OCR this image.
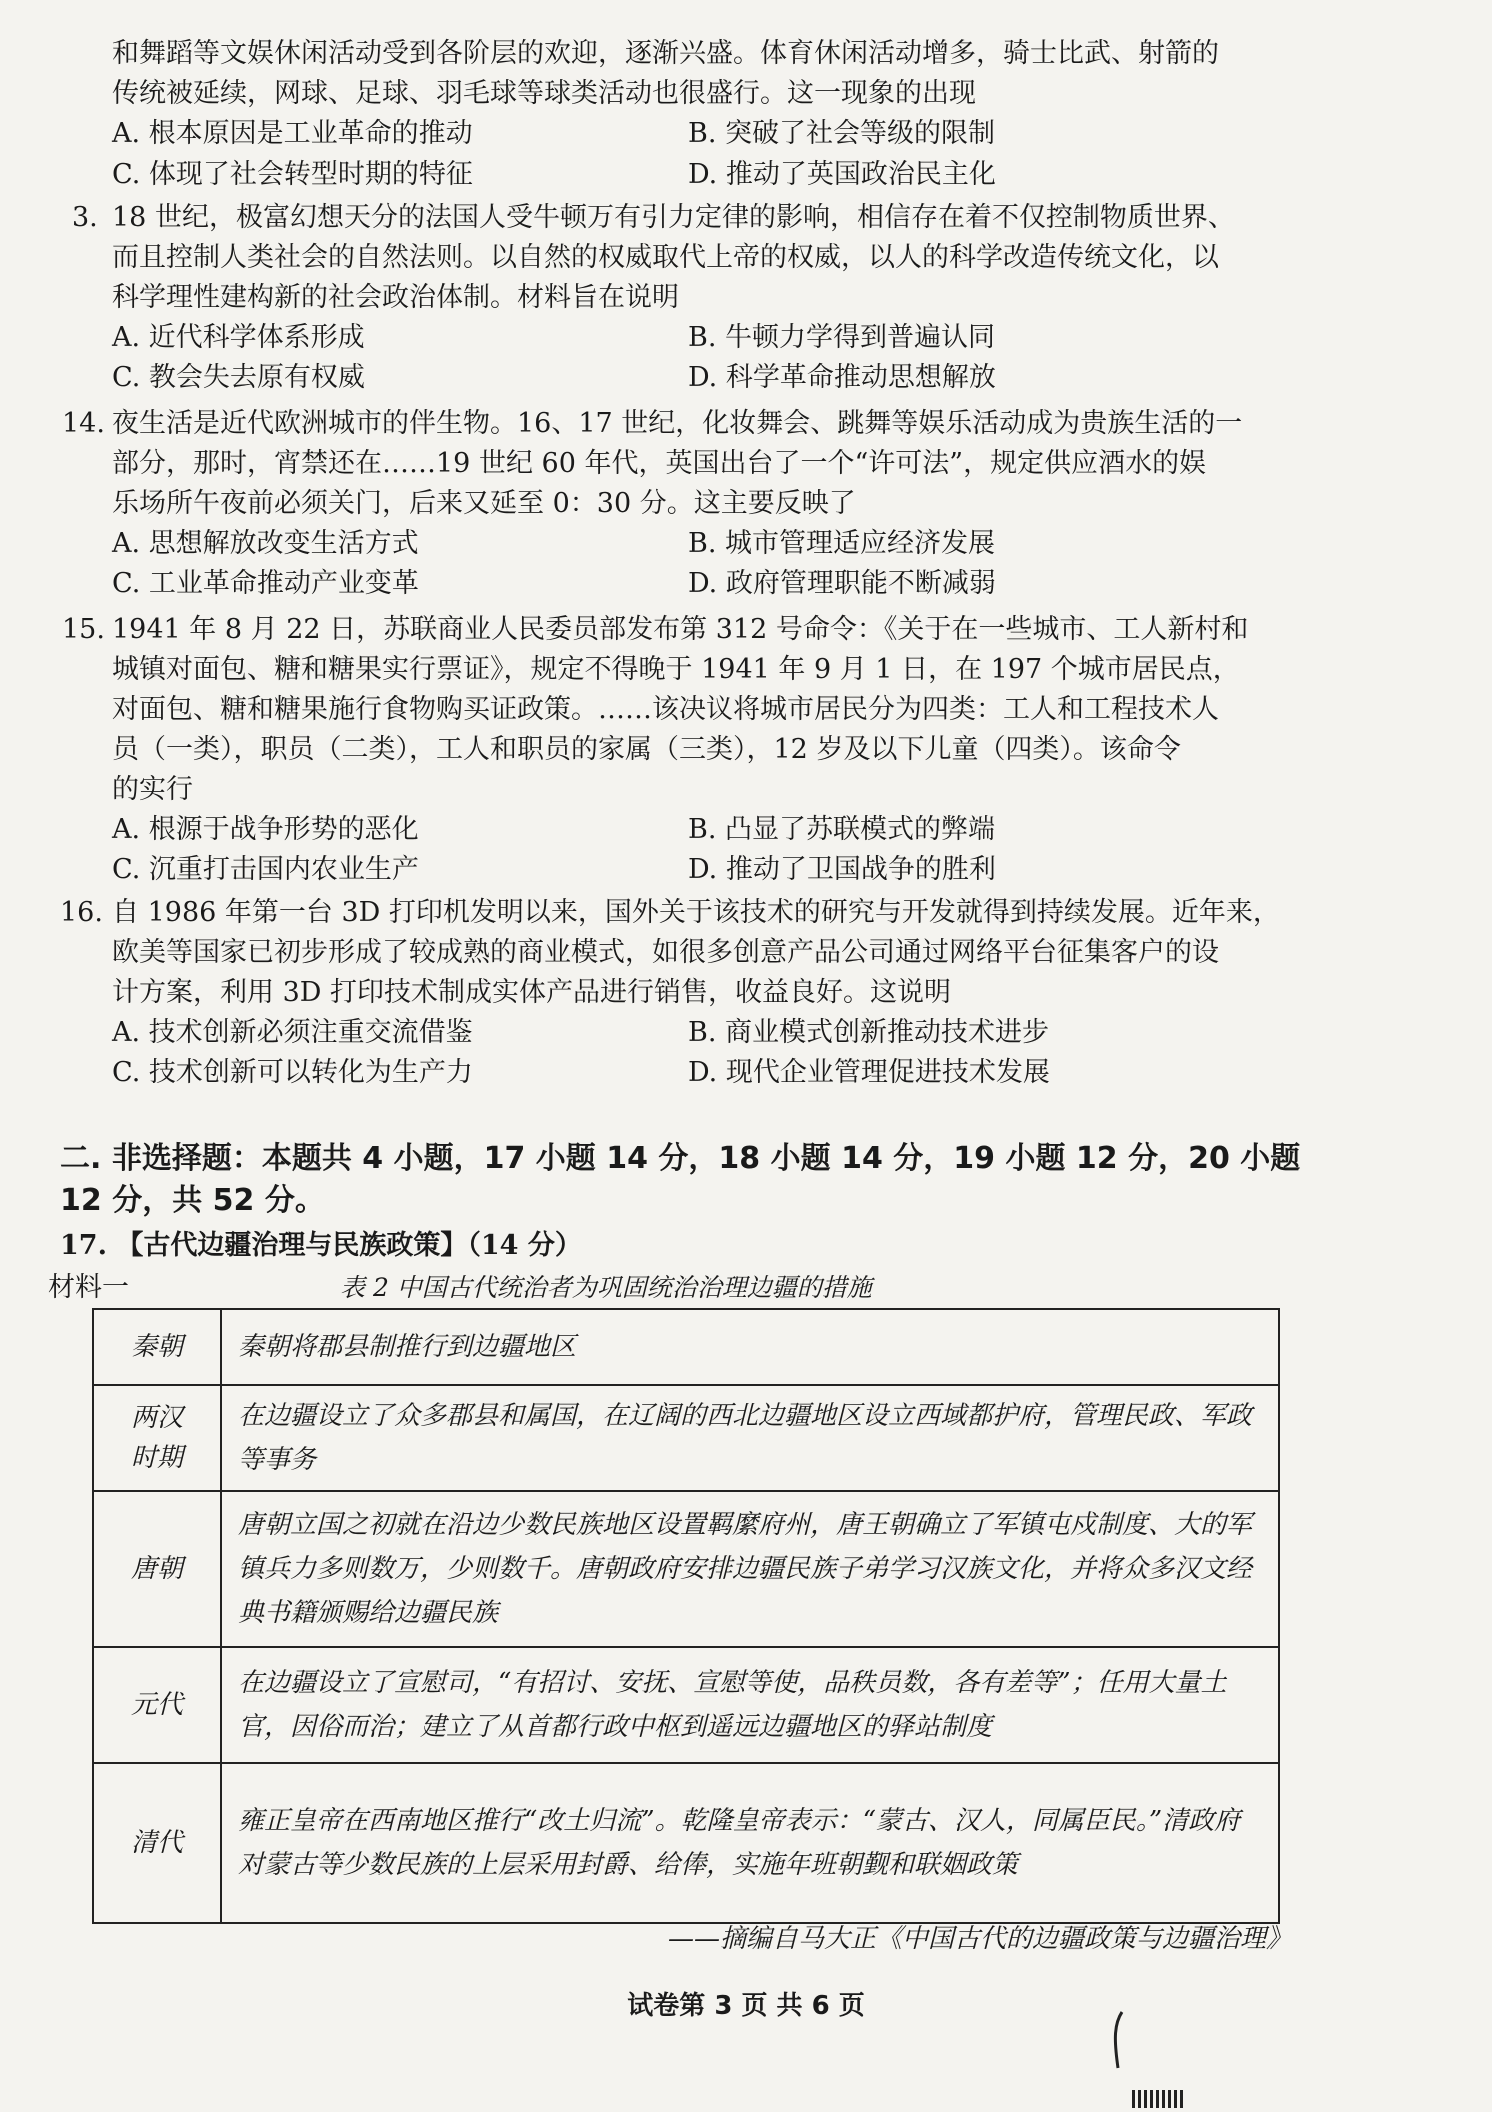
和舞蹈等文娱休闲活动受到各阶层的欢迎，逐渐兴盛。体育休闲活动增多，骑士比武、射箭的
传统被延续，网球、足球、羽毛球等球类活动也很盛行。这一现象的出现
A. 根本原因是工业革命的推动	B. 突破了社会等级的限制
C. 体现了社会转型时期的特征	D. 推动了英国政治民主化
3. 18 世纪，极富幻想天分的法国人受牛顿万有引力定律的影响，相信存在着不仅控制物质世界、
而且控制人类社会的自然法则。以自然的权威取代上帝的权威，以人的科学改造传统文化，以
科学理性建构新的社会政治体制。材料旨在说明
A. 近代科学体系形成	B. 牛顿力学得到普遍认同
C. 教会失去原有权威	D. 科学革命推动思想解放
14. 夜生活是近代欧洲城市的伴生物。16、17 世纪，化妆舞会、跳舞等娱乐活动成为贵族生活的一
部分，那时，宵禁还在……19 世纪 60 年代，英国出台了一个“许可法”，规定供应酒水的娱
乐场所午夜前必须关门，后来又延至 0：30 分。这主要反映了
A. 思想解放改变生活方式	B. 城市管理适应经济发展
C. 工业革命推动产业变革	D. 政府管理职能不断减弱
15. 1941 年 8 月 22 日，苏联商业人民委员部发布第 312 号命令：《关于在一些城市、工人新村和
城镇对面包、糖和糖果实行票证》，规定不得晚于 1941 年 9 月 1 日，在 197 个城市居民点，
对面包、糖和糖果施行食物购买证政策。……该决议将城市居民分为四类：工人和工程技术人
员（一类），职员（二类），工人和职员的家属（三类），12 岁及以下儿童（四类）。该命令
的实行
A. 根源于战争形势的恶化	B. 凸显了苏联模式的弊端
C. 沉重打击国内农业生产	D. 推动了卫国战争的胜利
16. 自 1986 年第一台 3D 打印机发明以来，国外关于该技术的研究与开发就得到持续发展。近年来，
欧美等国家已初步形成了较成熟的商业模式，如很多创意产品公司通过网络平台征集客户的设
计方案，利用 3D 打印技术制成实体产品进行销售，收益良好。这说明
A. 技术创新必须注重交流借鉴	B. 商业模式创新推动技术进步
C. 技术创新可以转化为生产力	D. 现代企业管理促进技术发展
二. 非选择题：本题共 4 小题，17 小题 14 分，18 小题 14 分，19 小题 12 分，20 小题
12 分，共 52 分。
17. 【古代边疆治理与民族政策】（14 分）
材料一	表 2 中国古代统治者为巩固统治治理边疆的措施
秦朝	秦朝将郡县制推行到边疆地区
两汉时期	在边疆设立了众多郡县和属国，在辽阔的西北边疆地区设立西域都护府，管理民政、军政等事务
唐朝	唐朝立国之初就在沿边少数民族地区设置羁縻府州，唐王朝确立了军镇屯戍制度、大的军镇兵力多则数万，少则数千。唐朝政府安排边疆民族子弟学习汉族文化，并将众多汉文经典书籍颁赐给边疆民族
元代	在边疆设立了宣慰司，“有招讨、安抚、宣慰等使，品秩员数，各有差等”；任用大量土官，因俗而治；建立了从首都行政中枢到遥远边疆地区的驿站制度
清代	雍正皇帝在西南地区推行“改土归流”。乾隆皇帝表示：“蒙古、汉人，同属臣民。”清政府对蒙古等少数民族的上层采用封爵、给俸，实施年班朝觐和联姻政策
——摘编自马大正《中国古代的边疆政策与边疆治理》
试卷第 3 页 共 6 页
